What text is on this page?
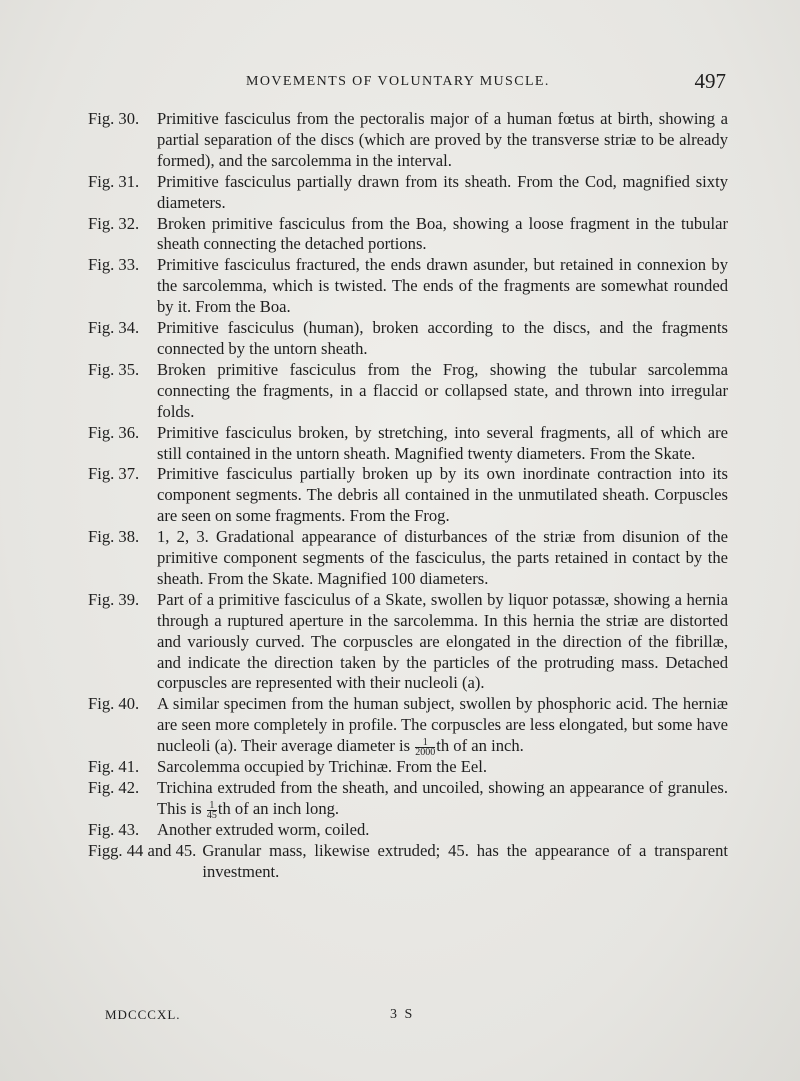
MOVEMENTS OF VOLUNTARY MUSCLE.	497
Fig. 30.	Primitive fasciculus from the pectoralis major of a human fœtus at birth, showing a partial separation of the discs (which are proved by the transverse striæ to be already formed), and the sarcolemma in the interval.
Fig. 31.	Primitive fasciculus partially drawn from its sheath. From the Cod, magnified sixty diameters.
Fig. 32.	Broken primitive fasciculus from the Boa, showing a loose fragment in the tubular sheath connecting the detached portions.
Fig. 33.	Primitive fasciculus fractured, the ends drawn asunder, but retained in connexion by the sarcolemma, which is twisted. The ends of the fragments are somewhat rounded by it. From the Boa.
Fig. 34.	Primitive fasciculus (human), broken according to the discs, and the fragments connected by the untorn sheath.
Fig. 35.	Broken primitive fasciculus from the Frog, showing the tubular sarcolemma connecting the fragments, in a flaccid or collapsed state, and thrown into irregular folds.
Fig. 36.	Primitive fasciculus broken, by stretching, into several fragments, all of which are still contained in the untorn sheath. Magnified twenty diameters. From the Skate.
Fig. 37.	Primitive fasciculus partially broken up by its own inordinate contraction into its component segments. The debris all contained in the unmutilated sheath. Corpuscles are seen on some fragments. From the Frog.
Fig. 38.	1, 2, 3. Gradational appearance of disturbances of the striæ from disunion of the primitive component segments of the fasciculus, the parts retained in contact by the sheath. From the Skate. Magnified 100 diameters.
Fig. 39.	Part of a primitive fasciculus of a Skate, swollen by liquor potassæ, showing a hernia through a ruptured aperture in the sarcolemma. In this hernia the striæ are distorted and variously curved. The corpuscles are elongated in the direction of the fibrillæ, and indicate the direction taken by the particles of the protruding mass. Detached corpuscles are represented with their nucleoli (a).
Fig. 40.	A similar specimen from the human subject, swollen by phosphoric acid. The herniæ are seen more completely in profile. The corpuscles are less elongated, but some have nucleoli (a). Their average diameter is $\frac{1}{2000}$ th of an inch.
Fig. 41.	Sarcolemma occupied by Trichinæ. From the Eel.
Fig. 42.	Trichina extruded from the sheath, and uncoiled, showing an appearance of granules. This is $\frac{1}{45}$ th of an inch long.
Fig. 43.	Another extruded worm, coiled.
Figg. 44 and 45. Granular mass, likewise extruded; 45. has the appearance of a transparent investment.
MDCCCXL.	3 S
